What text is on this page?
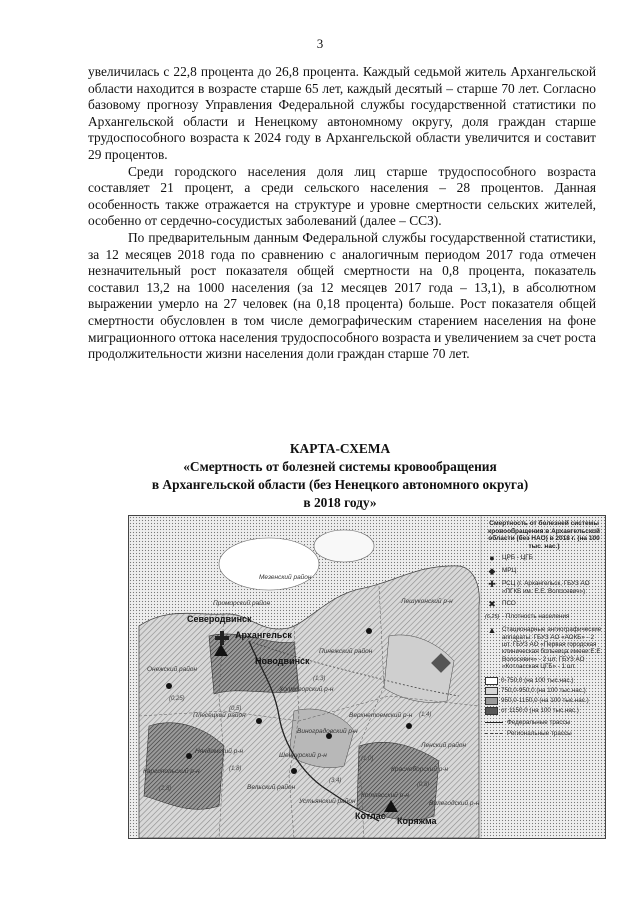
3

увеличилась с 22,8 процента до 26,8 процента. Каждый седьмой житель Архангельской области находится в возрасте старше 65 лет, каждый десятый – старше 70 лет. Согласно базовому прогнозу Управления Федеральной службы государственной статистики по Архангельской области и Ненецкому автономному округу, доля граждан старше трудоспособного возраста к 2024 году в Архангельской области увеличится и составит 29 процентов.

Среди городского населения доля лиц старше трудоспособного возраста составляет 21 процент, а среди сельского населения – 28 процентов. Данная особенность также отражается на структуре и уровне смертности сельских жителей, особенно от сердечно-сосудистых заболеваний (далее – ССЗ).

По предварительным данным Федеральной службы государственной статистики, за 12 месяцев 2018 года по сравнению с аналогичным периодом 2017 года отмечен незначительный рост показателя общей смертности на 0,8 процента, показатель составил 13,2 на 1000 населения (за 12 месяцев 2017 года – 13,1), в абсолютном выражении умерло на 27 человек (на 0,18 процента) больше. Рост показателя общей смертности обусловлен в том числе демографическим старением населения на фоне миграционного оттока населения трудоспособного возраста и увеличением за счет роста продолжительности жизни населения доли граждан старше 70 лет.

КАРТА-СХЕМА
«Смертность от болезней системы кровообращения
в Архангельской области (без Ненецкого автономного округа)
в 2018 году»
Северодвинск
Архангельск
Новодвинск
Котлас Коряжма
Мезенский район
Лешуконский р-н
Приморский район
Пинежский район
Онежский район
Холмогорский р-н
Плесецкий район
Каргопольский р-н
Няндомский р-н
Вельский район
Устьянский район
Красноборский р-н
Котласский р-н
Вилегодский р-н
Виноградовский р-н
Шенкурский р-н
Верхнетоемский р-н
Ленский район
(0,25)
(0,5)
(1,3)
(2,8)
(1,8)
(3,4)
(1,4)
(1,0)
(0,8)
Смертность от болезней системы кровообращения в Архангельской области (без НАО) в 2018 г. (на 100 тыс. нас.)
●	ЦРБ - ЦГБ
◆	МРЦ
✚ РСЦ (г. Архангельск, ГБУЗ АО «ПГКБ им. Е.Е. Волосевич»)
✖ ПСО
(6,25) - Плотность населения
▲ Стационарные ангиографические аппараты: ГБУЗ АО «АОКБ» - 2 шт. ГБУЗ АО «Первая городская клиническая больница имени Е.Е. Волосевич» - 2 шт. ГБУЗ АО «Котласская ЦГБ» - 1 шт.
0-750,0 (на 100 тыс.нас.)
750,0-950,0 (на 100 тыс.нас.)
950,0-1150,0 (на 100 тыс.нас.)
от 1150,0 (на 100 тыс.нас.)
Федеральные трассы
Региональные трассы
